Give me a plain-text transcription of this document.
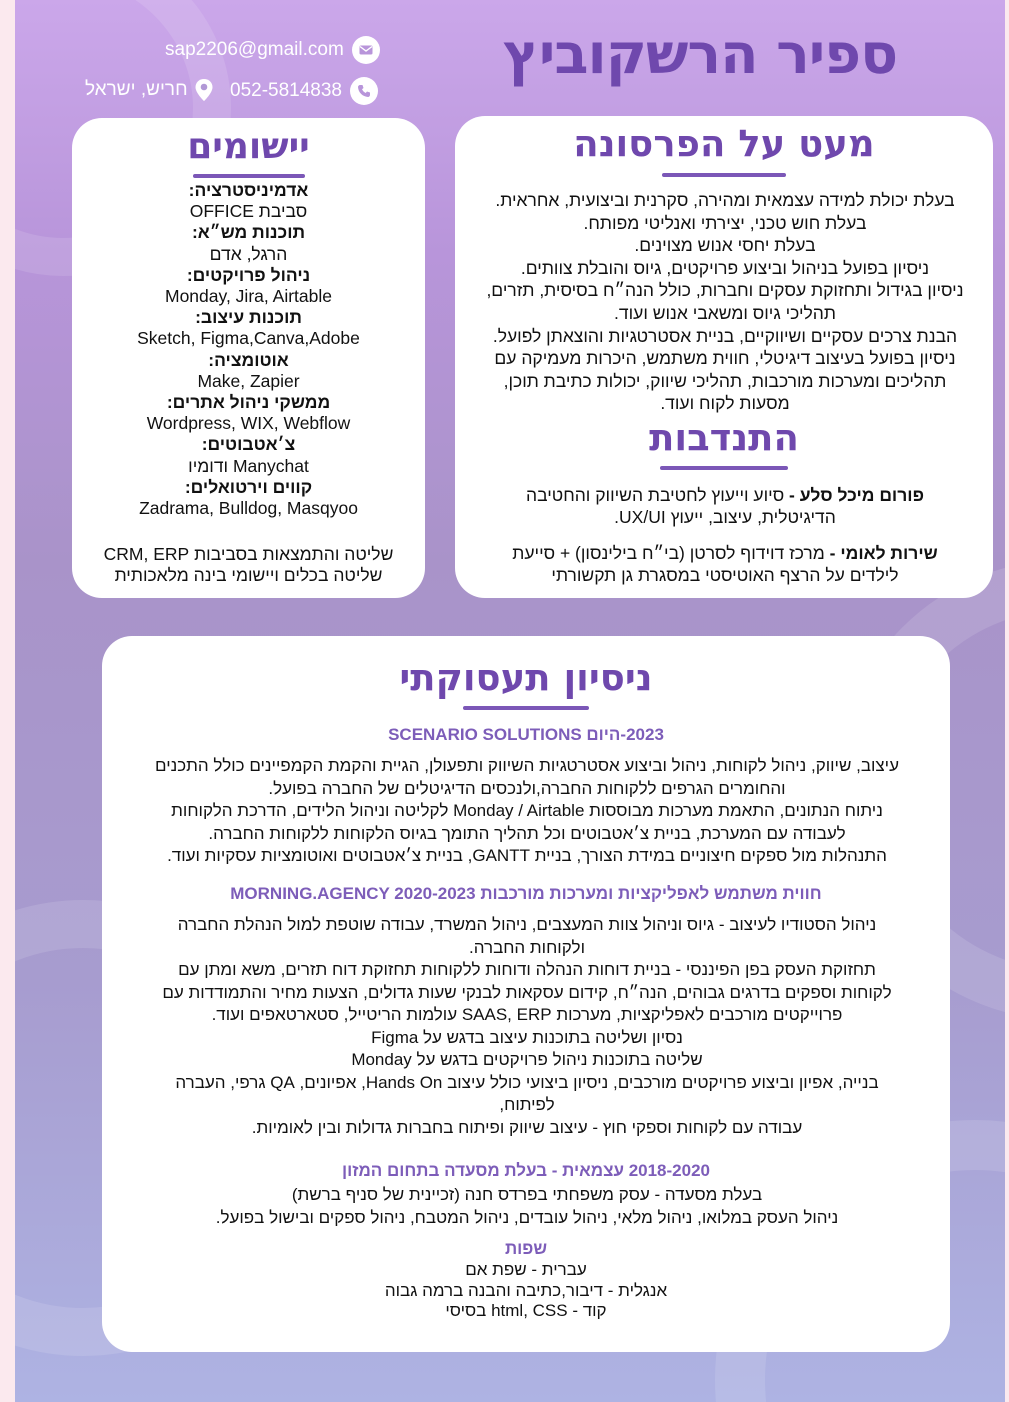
ספיר הרשקוביץ
sap2206@gmail.com
052-5814838
חריש, ישראל
יישומים
אדמיניסטרציה:
סביבת OFFICE
תוכנות מש״א:
הרגל, אדם
ניהול פרויקטים:
Monday, Jira, Airtable
תוכנות עיצוב:
Sketch, Figma,Canva,Adobe
אוטומציה:
Make, Zapier
ממשקי ניהול אתרים:
Wordpress, WIX, Webflow
צ׳אטבוטים:
Manychat ודומיו
קווים וירטואלים:
Zadrama, Bulldog, Masqyoo
שליטה והתמצאות בסביבות CRM, ERP
שליטה בכלים ויישומי בינה מלאכותית
מעט על הפרסונה
בעלת יכולת למידה עצמאית ומהירה, סקרנית וביצועית, אחראית.
בעלת חוש טכני, יצירתי ואנליטי מפותח.
בעלת יחסי אנוש מצוינים.
ניסיון בפועל בניהול וביצוע פרויקטים, גיוס והובלת צוותים.
ניסיון בגידול ותחזוקת עסקים וחברות, כולל הנה״ח בסיסית, תזרים,
תהליכי גיוס ומשאבי אנוש ועוד.
הבנת צרכים עסקיים ושיווקיים, בניית אסטרטגיות והוצאתן לפועל.
ניסיון בפועל בעיצוב דיגיטלי, חווית משתמש, היכרות מעמיקה עם
תהליכים ומערכות מורכבות, תהליכי שיווק, יכולות כתיבת תוכן,
מסעות לקוח ועוד.
התנדבות
פורום מיכל סלע - סיוע וייעוץ לחטיבת השיווק והחטיבה
הדיגיטלית, עיצוב, ייעוץ UX/UI.
שירות לאומי - מרכז דוידוף לסרטן (בי״ח בילינסון) + סייעת
לילדים על הרצף האוטיסטי במסגרת גן תקשורתי
ניסיון תעסוקתי
2023-היום SCENARIO SOLUTIONS
עיצוב, שיווק, ניהול לקוחות, ניהול וביצוע אסטרטגיות השיווק ותפעולן, הגיית והקמת הקמפיינים כולל התכנים
והחומרים הגרפים ללקוחות החברה,ולנכסים הדיגיטלים של החברה בפועל.
ניתוח הנתונים, התאמת מערכות מבוססות Monday / Airtable לקליטה וניהול הלידים, הדרכת הלקוחות
לעבודה עם המערכת, בניית צ׳אטבוטים וכל תהליך התומך בגיוס הלקוחות ללקוחות החברה.
התנהלות מול ספקים חיצוניים במידת הצורך, בניית GANTT, בניית צ׳אטבוטים ואוטומציות עסקיות ועוד.
חווית משתמש לאפליקציות ומערכות מורכבות MORNING.AGENCY 2020-2023
ניהול הסטודיו לעיצוב - גיוס וניהול צוות המעצבים, ניהול המשרד, עבודה שוטפת למול הנהלת החברה
ולקוחות החברה.
תחזוקת העסק בפן הפיננסי - בניית דוחות הנהלה ודוחות ללקוחות תחזוקת דוח תזרים, משא ומתן עם
לקוחות וספקים בדרגים גבוהים, הנה״ח, קידום עסקאות לבנקי שעות גדולים, הצעות מחיר והתמודדות עם
פרוייקטים מורכבים לאפליקציות, מערכות SAAS, ERP עולמות הריטייל, סטארטאפים ועוד.
נסיון ושליטה בתוכנות עיצוב בדגש על Figma
שליטה בתוכנות ניהול פרויקטים בדגש על Monday
בנייה, אפיון וביצוע פרויקטים מורכבים, ניסיון ביצועי כולל עיצוב Hands On, אפיונים, QA גרפי, העברה
לפיתוח,
עבודה עם לקוחות וספקי חוץ - עיצוב שיווק ופיתוח בחברות גדולות ובין לאומיות.
2018-2020 עצמאית - בעלת מסעדה בתחום המזון
בעלת מסעדה - עסק משפחתי בפרדס חנה (זכיינית של סניף ברשת)
ניהול העסק במלואו, ניהול מלאי, ניהול עובדים, ניהול המטבח, ניהול ספקים ובישול בפועל.
שפות
עברית - שפת אם
אנגלית - דיבור,כתיבה והבנה ברמה גבוה
קוד - html, CSS בסיסי
